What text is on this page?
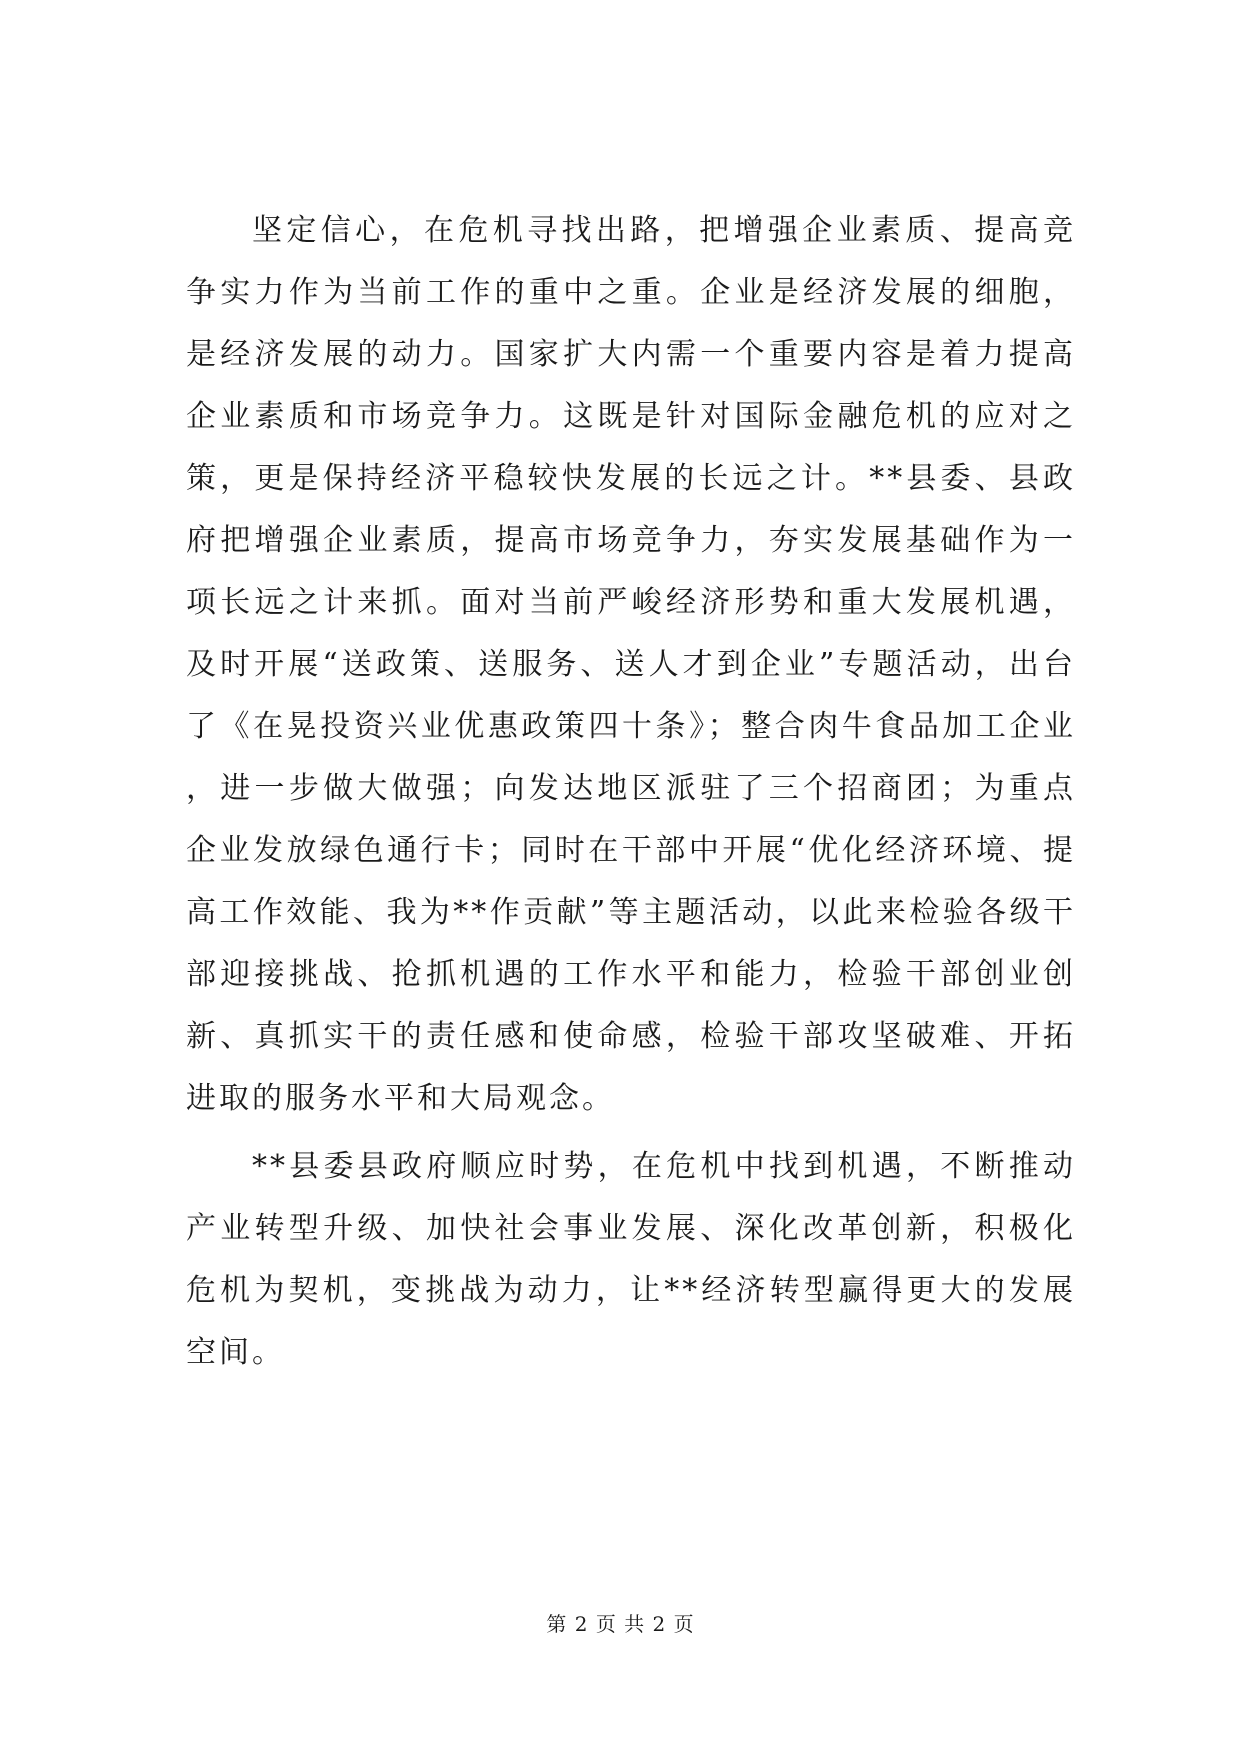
坚定信心，在危机寻找出路，把增强企业素质、提高竞争实力作为当前工作的重中之重。企业是经济发展的细胞，是经济发展的动力。国家扩大内需一个重要内容是着力提高企业素质和市场竞争力。这既是针对国际金融危机的应对之策，更是保持经济平稳较快发展的长远之计。**县委、县政府把增强企业素质，提高市场竞争力，夯实发展基础作为一项长远之计来抓。面对当前严峻经济形势和重大发展机遇，及时开展“送政策、送服务、送人才到企业”专题活动，出台了《在晃投资兴业优惠政策四十条》；整合肉牛食品加工企业，进一步做大做强；向发达地区派驻了三个招商团；为重点企业发放绿色通行卡；同时在干部中开展“优化经济环境、提高工作效能、我为**作贡献”等主题活动，以此来检验各级干部迎接挑战、抢抓机遇的工作水平和能力，检验干部创业创新、真抓实干的责任感和使命感，检验干部攻坚破难、开拓进取的服务水平和大局观念。

**县委县政府顺应时势，在危机中找到机遇，不断推动产业转型升级、加快社会事业发展、深化改革创新，积极化危机为契机，变挑战为动力，让**经济转型赢得更大的发展空间。

第 2 页 共 2 页
